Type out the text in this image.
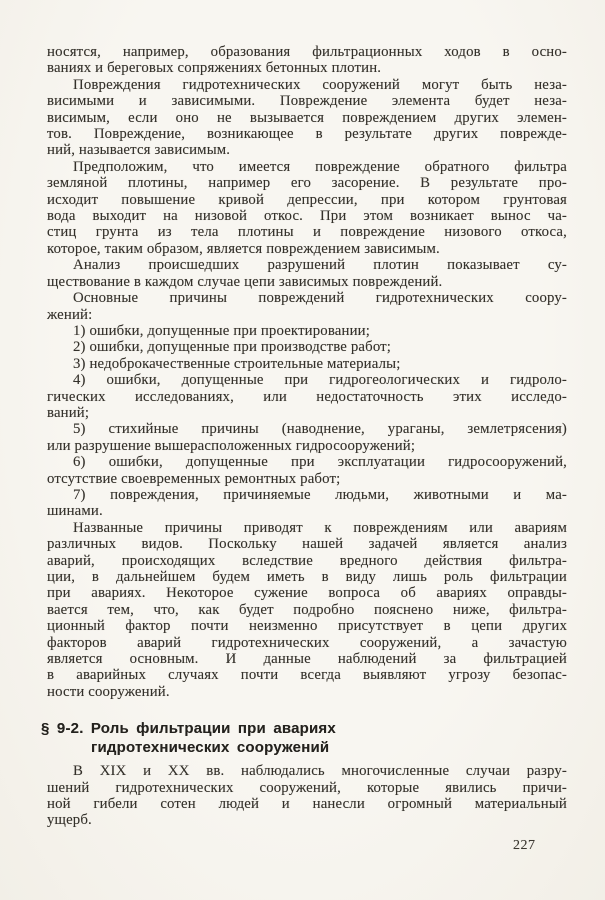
носятся, например, образования фильтрационных ходов в осно-
ваниях и береговых сопряжениях бетонных плотин.
Повреждения гидротехнических сооружений могут быть неза-
висимыми и зависимыми. Повреждение элемента будет неза-
висимым, если оно не вызывается повреждением других элемен-
тов. Повреждение, возникающее в результате других поврежде-
ний, называется зависимым.
Предположим, что имеется повреждение обратного фильтра
земляной плотины, например его засорение. В результате про-
исходит повышение кривой депрессии, при котором грунтовая
вода выходит на низовой откос. При этом возникает вынос ча-
стиц грунта из тела плотины и повреждение низового откоса,
которое, таким образом, является повреждением зависимым.
Анализ происшедших разрушений плотин показывает су-
ществование в каждом случае цепи зависимых повреждений.
Основные причины повреждений гидротехнических соору-
жений:
1) ошибки, допущенные при проектировании;
2) ошибки, допущенные при производстве работ;
3) недоброкачественные строительные материалы;
4) ошибки, допущенные при гидрогеологических и гидроло-
гических исследованиях, или недостаточность этих исследо-
ваний;
5) стихийные причины (наводнение, ураганы, землетрясения)
или разрушение вышерасположенных гидросооружений;
6) ошибки, допущенные при эксплуатации гидросооружений,
отсутствие своевременных ремонтных работ;
7) повреждения, причиняемые людьми, животными и ма-
шинами.
Названные причины приводят к повреждениям или авариям
различных видов. Поскольку нашей задачей является анализ
аварий, происходящих вследствие вредного действия фильтра-
ции, в дальнейшем будем иметь в виду лишь роль фильтрации
при авариях. Некоторое сужение вопроса об авариях оправды-
вается тем, что, как будет подробно пояснено ниже, фильтра-
ционный фактор почти неизменно присутствует в цепи других
факторов аварий гидротехнических сооружений, а зачастую
является основным. И данные наблюдений за фильтрацией
в аварийных случаях почти всегда выявляют угрозу безопас-
ности сооружений.
§ 9-2. Роль фильтрации при авариях
гидротехнических сооружений
В XIX и XX вв. наблюдались многочисленные случаи разру-
шений гидротехнических сооружений, которые явились причи-
ной гибели сотен людей и нанесли огромный материальный
ущерб.
227
